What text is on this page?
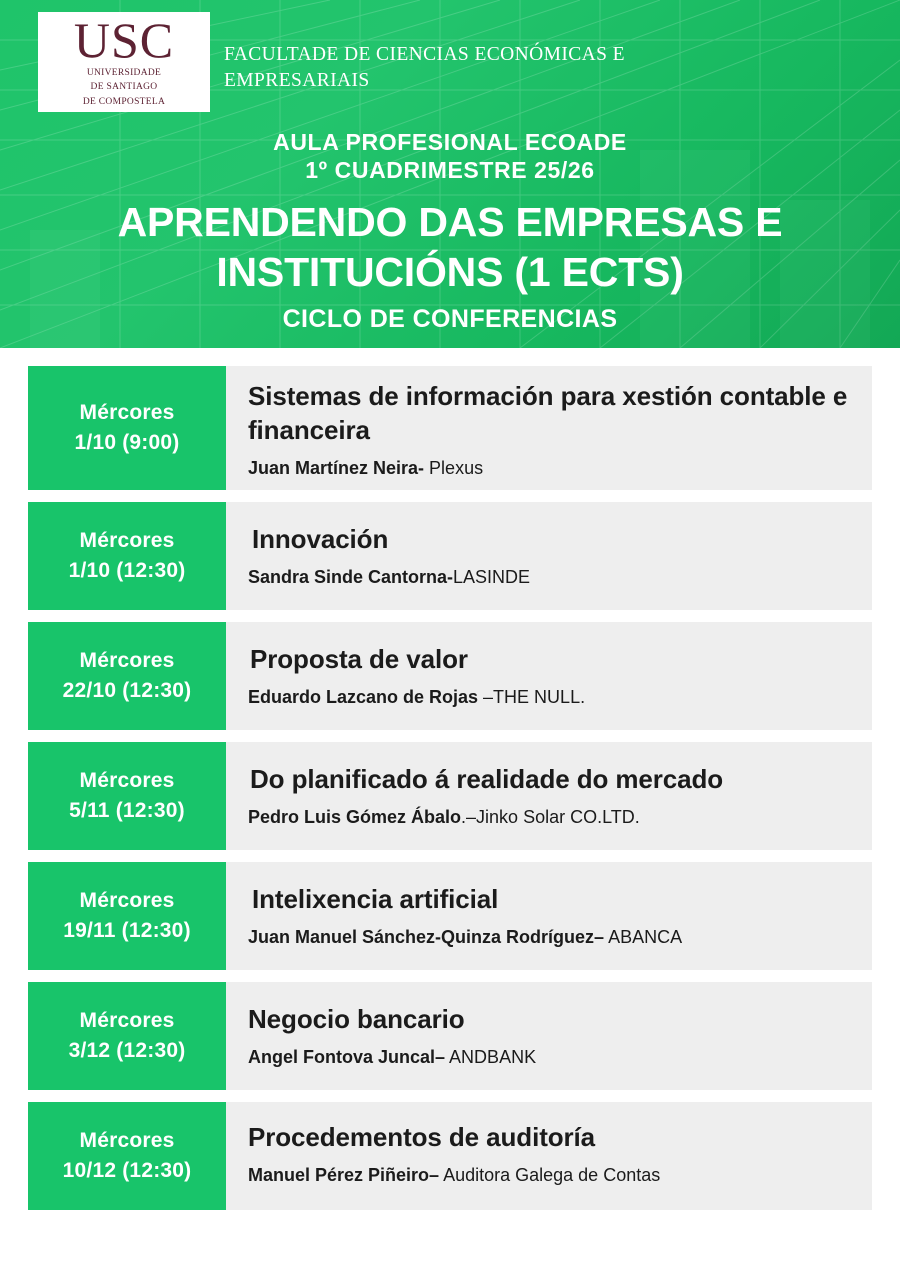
USC
UNIVERSIDADE
DE SANTIAGO
DE COMPOSTELA
FACULTADE DE CIENCIAS ECONÓMICAS E EMPRESARIAIS
AULA PROFESIONAL ECOADE
1º CUADRIMESTRE 25/26
APRENDENDO DAS EMPRESAS E
INSTITUCIÓNS (1 ECTS)
CICLO DE CONFERENCIAS
Mércores
1/10 (9:00)
Sistemas de información para xestión contable e financeira
Juan Martínez Neira- Plexus
Mércores
1/10 (12:30)
Innovación
Sandra Sinde Cantorna-LASINDE
Mércores
22/10 (12:30)
Proposta de valor
Eduardo Lazcano de Rojas –THE NULL.
Mércores
5/11 (12:30)
Do planificado á realidade do mercado
Pedro Luis Gómez Ábalo.–Jinko Solar CO.LTD.
Mércores
19/11 (12:30)
Intelixencia artificial
Juan Manuel Sánchez-Quinza Rodríguez– ABANCA
Mércores
3/12 (12:30)
Negocio bancario
Angel Fontova Juncal– ANDBANK
Mércores
10/12 (12:30)
Procedementos de auditoría
Manuel Pérez Piñeiro– Auditora Galega de Contas
